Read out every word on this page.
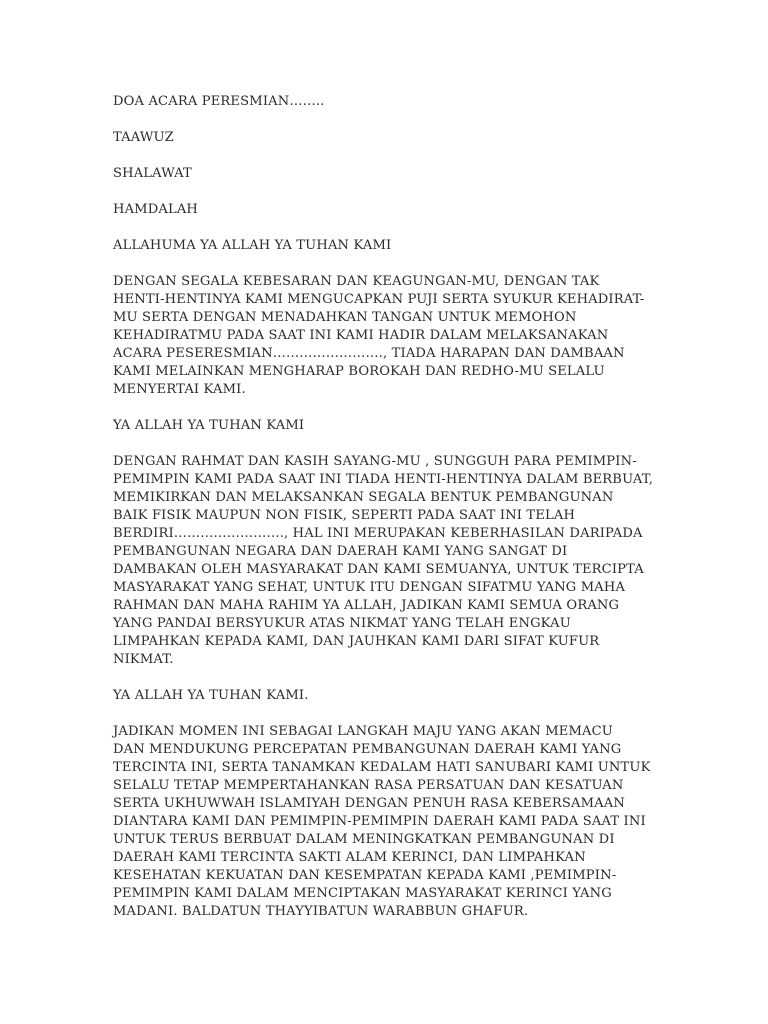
DOA ACARA PERESMIAN……..

TAAWUZ

SHALAWAT

HAMDALAH

ALLAHUMA YA ALLAH YA TUHAN KAMI

DENGAN SEGALA KEBESARAN DAN KEAGUNGAN-MU, DENGAN TAK
HENTI-HENTINYA KAMI MENGUCAPKAN PUJI SERTA SYUKUR KEHADIRAT-
MU SERTA DENGAN MENADAHKAN TANGAN UNTUK MEMOHON
KEHADIRATMU PADA SAAT INI KAMI HADIR DALAM MELAKSANAKAN
ACARA PESERESMIAN……………………., TIADA HARAPAN DAN DAMBAAN
KAMI MELAINKAN MENGHARAP BOROKAH DAN REDHO-MU SELALU
MENYERTAI KAMI.

YA ALLAH YA TUHAN KAMI

DENGAN RAHMAT DAN KASIH SAYANG-MU , SUNGGUH PARA PEMIMPIN-
PEMIMPIN KAMI PADA SAAT INI TIADA HENTI-HENTINYA DALAM BERBUAT,
MEMIKIRKAN DAN MELAKSANKAN SEGALA BENTUK PEMBANGUNAN
BAIK FISIK MAUPUN NON FISIK, SEPERTI PADA SAAT INI TELAH
BERDIRI……………………., HAL INI MERUPAKAN KEBERHASILAN DARIPADA
PEMBANGUNAN NEGARA DAN DAERAH KAMI YANG SANGAT DI
DAMBAKAN OLEH MASYARAKAT DAN KAMI SEMUANYA, UNTUK TERCIPTA
MASYARAKAT YANG SEHAT, UNTUK ITU DENGAN SIFATMU YANG MAHA
RAHMAN DAN MAHA RAHIM YA ALLAH, JADIKAN KAMI SEMUA ORANG
YANG PANDAI BERSYUKUR ATAS NIKMAT YANG TELAH ENGKAU
LIMPAHKAN KEPADA KAMI, DAN JAUHKAN KAMI DARI SIFAT KUFUR
NIKMAT.

YA ALLAH YA TUHAN KAMI.

JADIKAN MOMEN INI SEBAGAI LANGKAH MAJU YANG AKAN MEMACU
DAN MENDUKUNG PERCEPATAN PEMBANGUNAN DAERAH KAMI YANG
TERCINTA INI, SERTA TANAMKAN KEDALAM HATI SANUBARI KAMI UNTUK
SELALU TETAP MEMPERTAHANKAN RASA PERSATUAN DAN KESATUAN
SERTA UKHUWWAH ISLAMIYAH DENGAN PENUH RASA KEBERSAMAAN
DIANTARA KAMI DAN PEMIMPIN-PEMIMPIN DAERAH KAMI PADA SAAT INI
UNTUK TERUS BERBUAT DALAM MENINGKATKAN PEMBANGUNAN DI
DAERAH KAMI TERCINTA SAKTI ALAM KERINCI, DAN LIMPAHKAN
KESEHATAN KEKUATAN DAN KESEMPATAN KEPADA KAMI ,PEMIMPIN-
PEMIMPIN KAMI DALAM MENCIPTAKAN MASYARAKAT KERINCI YANG
MADANI. BALDATUN THAYYIBATUN WARABBUN GHAFUR.
